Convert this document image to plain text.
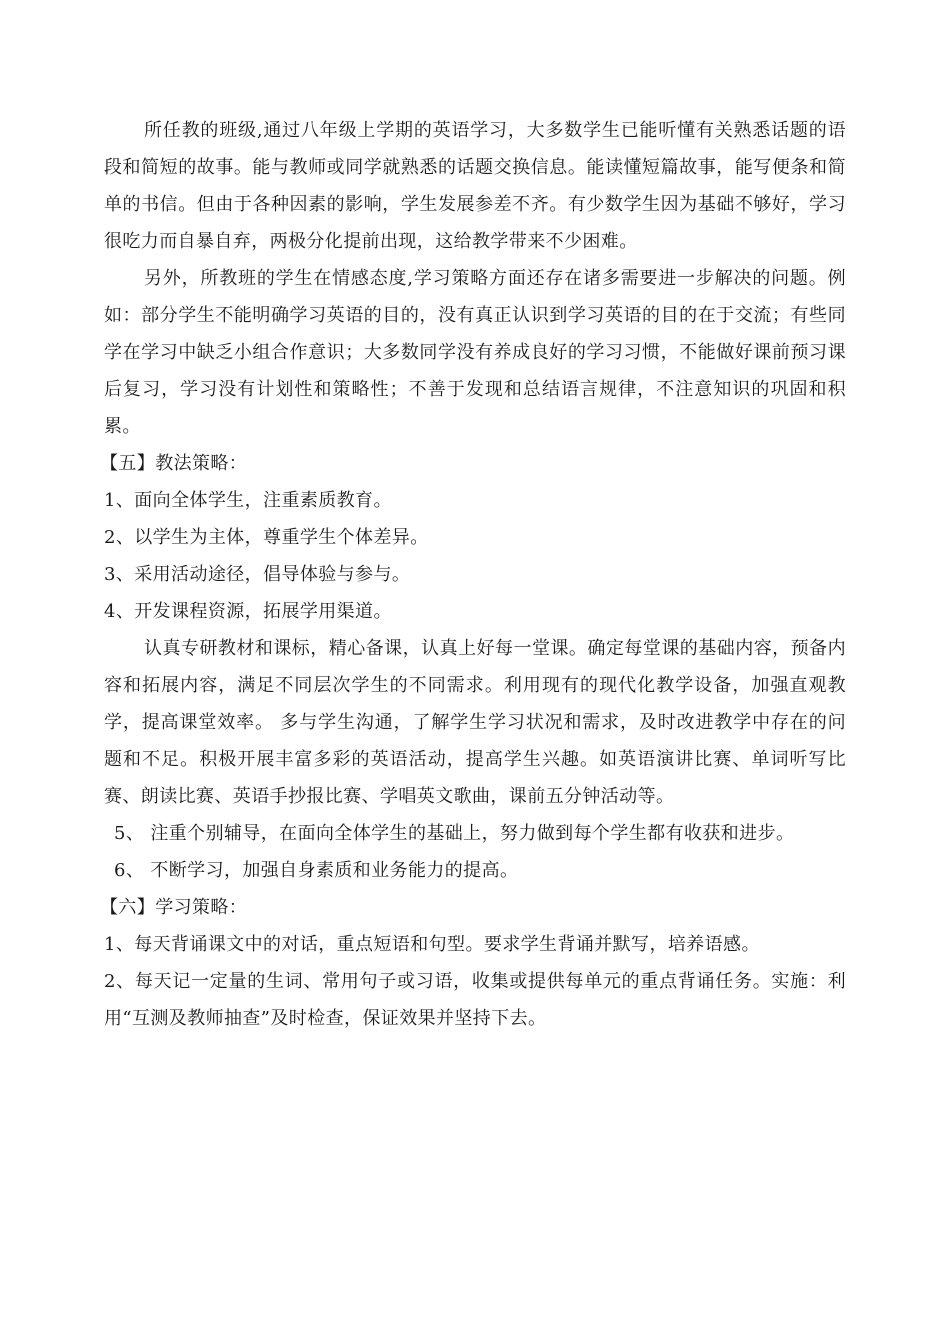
所任教的班级,通过八年级上学期的英语学习，大多数学生已能听懂有关熟悉话题的语段和简短的故事。能与教师或同学就熟悉的话题交换信息。能读懂短篇故事，能写便条和简单的书信。但由于各种因素的影响，学生发展参差不齐。有少数学生因为基础不够好，学习很吃力而自暴自弃，两极分化提前出现，这给教学带来不少困难。

另外，所教班的学生在情感态度,学习策略方面还存在诸多需要进一步解决的问题。例如：部分学生不能明确学习英语的目的，没有真正认识到学习英语的目的在于交流；有些同学在学习中缺乏小组合作意识；大多数同学没有养成良好的学习习惯，不能做好课前预习课后复习，学习没有计划性和策略性；不善于发现和总结语言规律，不注意知识的巩固和积累。

【五】教法策略：

1、面向全体学生，注重素质教育。

2、以学生为主体，尊重学生个体差异。

3、采用活动途径，倡导体验与参与。

4、开发课程资源，拓展学用渠道。

认真专研教材和课标，精心备课，认真上好每一堂课。确定每堂课的基础内容，预备内容和拓展内容，满足不同层次学生的不同需求。利用现有的现代化教学设备，加强直观教学，提高课堂效率。 多与学生沟通，了解学生学习状况和需求，及时改进教学中存在的问题和不足。积极开展丰富多彩的英语活动，提高学生兴趣。如英语演讲比赛、单词听写比赛、朗读比赛、英语手抄报比赛、学唱英文歌曲，课前五分钟活动等。

5、 注重个别辅导，在面向全体学生的基础上，努力做到每个学生都有收获和进步。

6、 不断学习，加强自身素质和业务能力的提高。

【六】学习策略：

1、每天背诵课文中的对话，重点短语和句型。要求学生背诵并默写，培养语感。

2、每天记一定量的生词、常用句子或习语，收集或提供每单元的重点背诵任务。实施：利用“互测及教师抽查”及时检查，保证效果并坚持下去。
